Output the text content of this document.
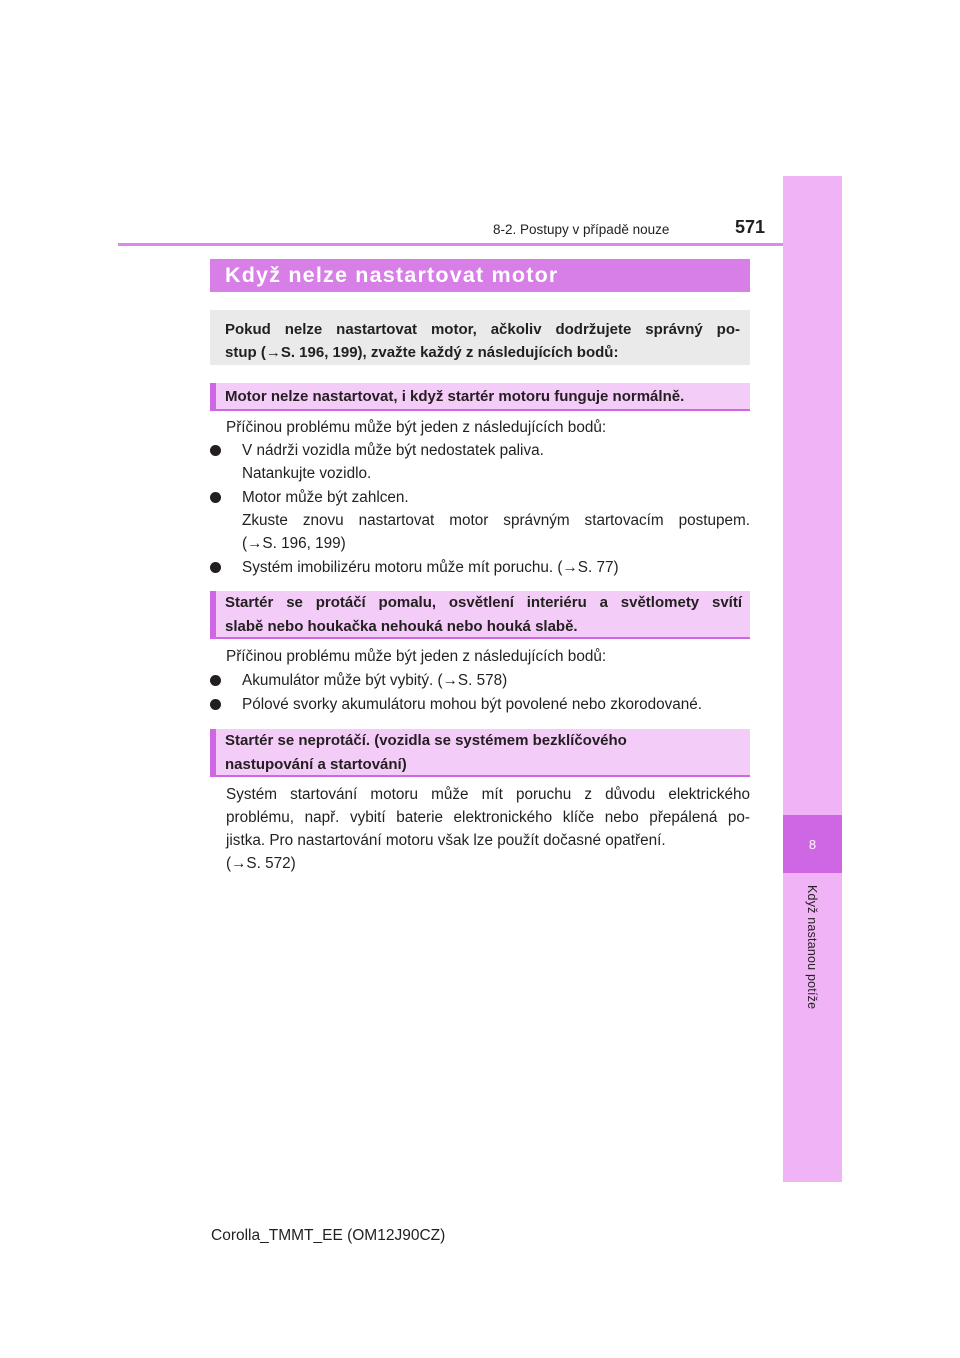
8
Když nastanou potíže
8-2. Postupy v případě nouze	571
Když nelze nastartovat motor
Pokud nelze nastartovat motor, ačkoliv dodržujete správný po-
stup (→S. 196, 199), zvažte každý z následujících bodů:
Motor nelze nastartovat, i když startér motoru funguje normálně.
Příčinou problému může být jeden z následujících bodů:
V nádrži vozidla může být nedostatek paliva.
Natankujte vozidlo.
Motor může být zahlcen.
Zkuste znovu nastartovat motor správným startovacím postupem.
(→S. 196, 199)
Systém imobilizéru motoru může mít poruchu. (→S. 77)
Startér se protáčí pomalu, osvětlení interiéru a světlomety svítí
slabě nebo houkačka nehouká nebo houká slabě.
Příčinou problému může být jeden z následujících bodů:
Akumulátor může být vybitý. (→S. 578)
Pólové svorky akumulátoru mohou být povolené nebo zkorodované.
Startér se neprotáčí. (vozidla se systémem bezklíčového
nastupování a startování)
Systém startování motoru může mít poruchu z důvodu elektrického
problému, např. vybití baterie elektronického klíče nebo přepálená po-
jistka. Pro nastartování motoru však lze použít dočasné opatření.
(→S. 572)
Corolla_TMMT_EE (OM12J90CZ)
